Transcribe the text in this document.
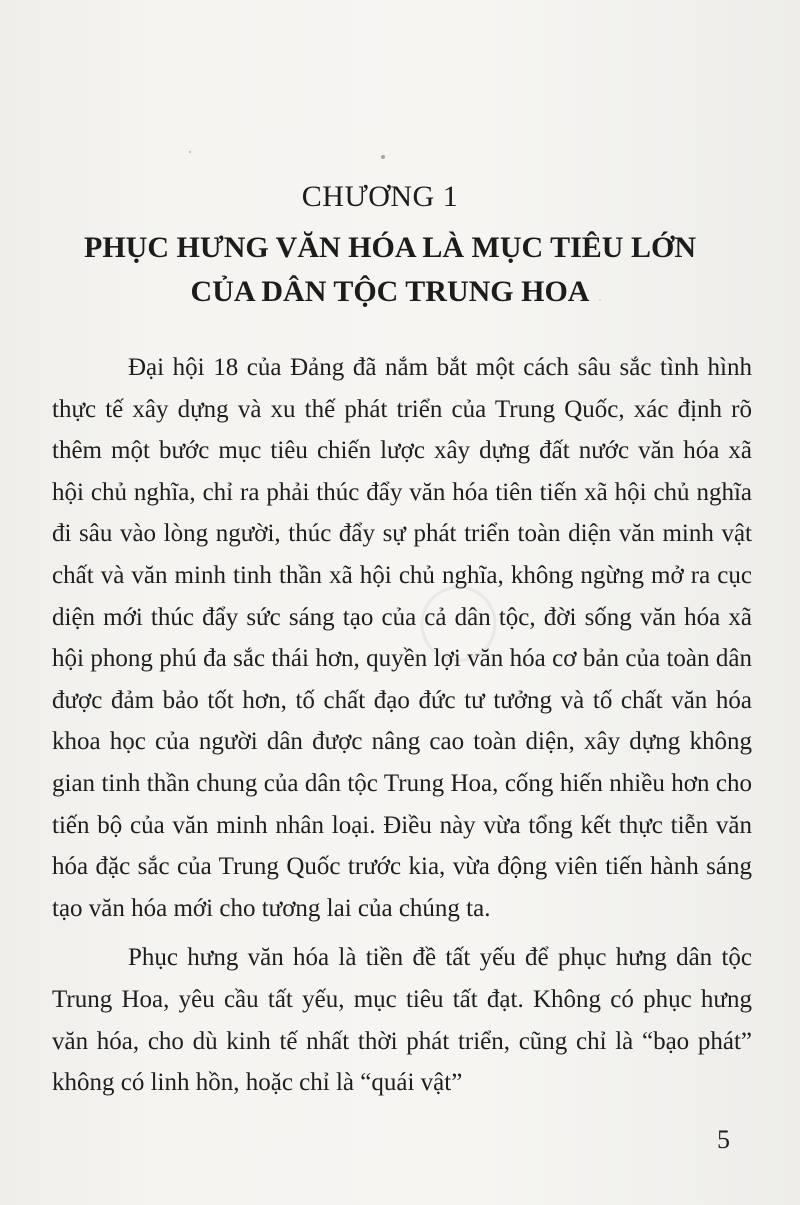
CHƯƠNG 1
PHỤC HƯNG VĂN HÓA LÀ MỤC TIÊU LỚN
CỦA DÂN TỘC TRUNG HOA

Đại hội 18 của Đảng đã nắm bắt một cách sâu sắc tình hình thực tế xây dựng và xu thế phát triển của Trung Quốc, xác định rõ thêm một bước mục tiêu chiến lược xây dựng đất nước văn hóa xã hội chủ nghĩa, chỉ ra phải thúc đẩy văn hóa tiên tiến xã hội chủ nghĩa đi sâu vào lòng người, thúc đẩy sự phát triển toàn diện văn minh vật chất và văn minh tinh thần xã hội chủ nghĩa, không ngừng mở ra cục diện mới thúc đẩy sức sáng tạo của cả dân tộc, đời sống văn hóa xã hội phong phú đa sắc thái hơn, quyền lợi văn hóa cơ bản của toàn dân được đảm bảo tốt hơn, tố chất đạo đức tư tưởng và tố chất văn hóa khoa học của người dân được nâng cao toàn diện, xây dựng không gian tinh thần chung của dân tộc Trung Hoa, cống hiến nhiều hơn cho tiến bộ của văn minh nhân loại. Điều này vừa tổng kết thực tiễn văn hóa đặc sắc của Trung Quốc trước kia, vừa động viên tiến hành sáng tạo văn hóa mới cho tương lai của chúng ta.

Phục hưng văn hóa là tiền đề tất yếu để phục hưng dân tộc Trung Hoa, yêu cầu tất yếu, mục tiêu tất đạt. Không có phục hưng văn hóa, cho dù kinh tế nhất thời phát triển, cũng chỉ là “bạo phát” không có linh hồn, hoặc chỉ là “quái vật”

5
